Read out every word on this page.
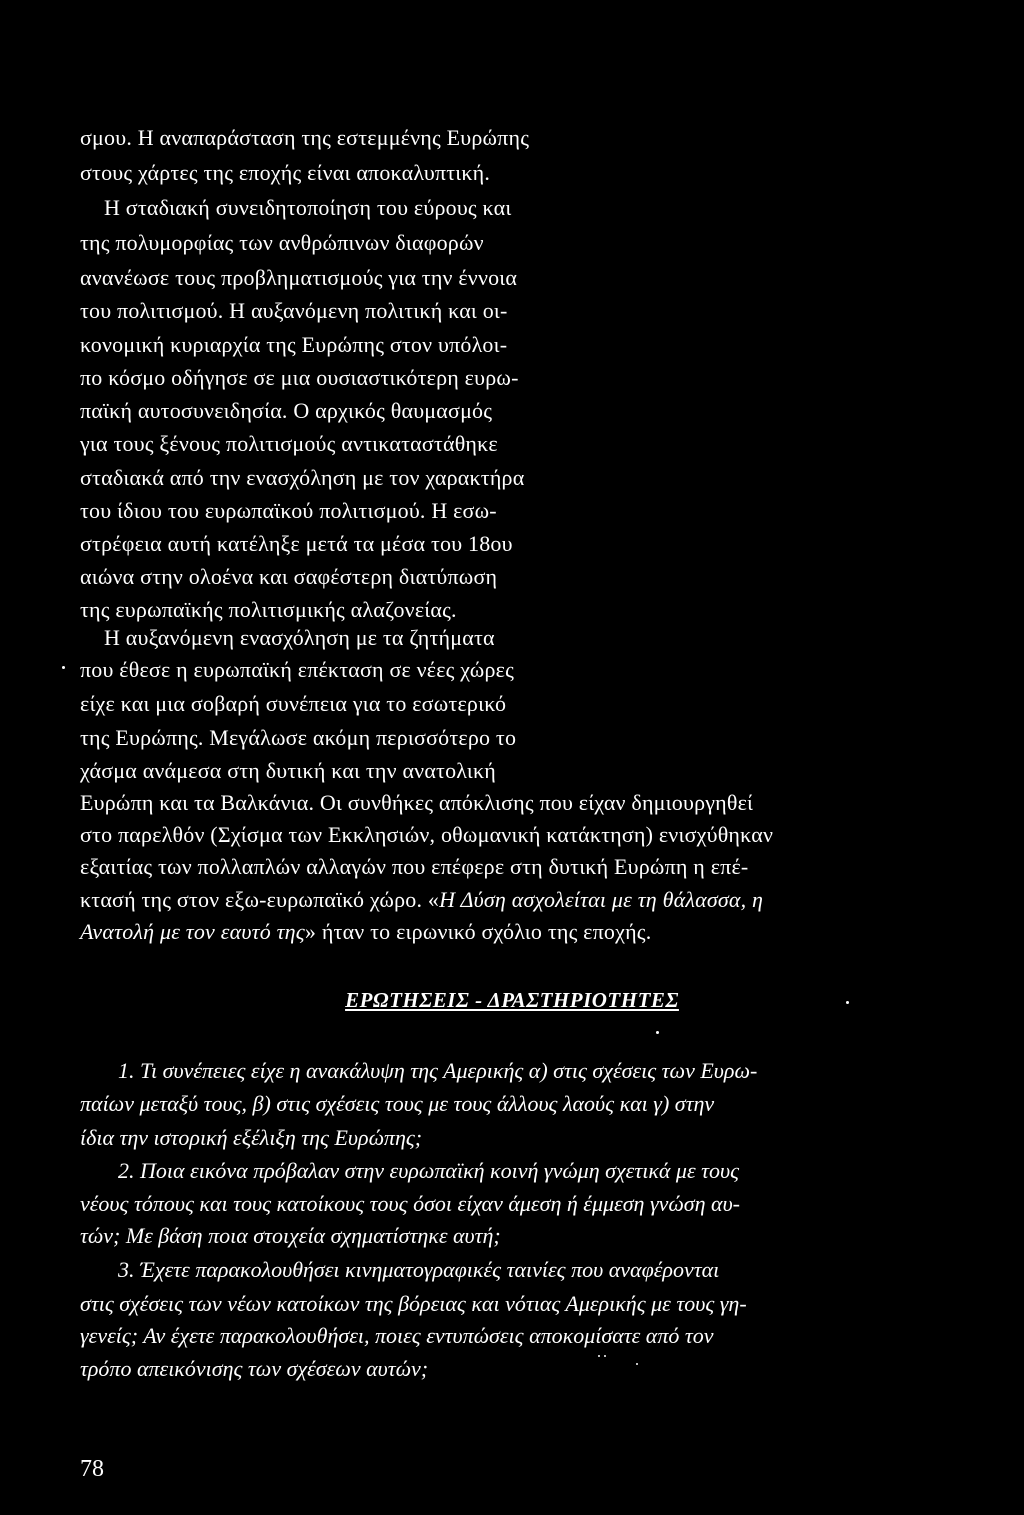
σμου. Η αναπαράσταση της εστεμμένης Ευρώπης
στους χάρτες της εποχής είναι αποκαλυπτική.
Η σταδιακή συνειδητοποίηση του εύρους και
της πολυμορφίας των ανθρώπινων διαφορών
ανανέωσε τους προβληματισμούς για την έννοια
του πολιτισμού. Η αυξανόμενη πολιτική και οι-
κονομική κυριαρχία της Ευρώπης στον υπόλοι-
πο κόσμο οδήγησε σε μια ουσιαστικότερη ευρω-
παϊκή αυτοσυνειδησία. Ο αρχικός θαυμασμός
για τους ξένους πολιτισμούς αντικαταστάθηκε
σταδιακά από την ενασχόληση με τον χαρακτήρα
του ίδιου του ευρωπαϊκού πολιτισμού. Η εσω-
στρέφεια αυτή κατέληξε μετά τα μέσα του 18ου
αιώνα στην ολοένα και σαφέστερη διατύπωση
της ευρωπαϊκής πολιτισμικής αλαζονείας.
Η αυξανόμενη ενασχόληση με τα ζητήματα
που έθεσε η ευρωπαϊκή επέκταση σε νέες χώρες
είχε και μια σοβαρή συνέπεια για το εσωτερικό
της Ευρώπης. Μεγάλωσε ακόμη περισσότερο το
χάσμα ανάμεσα στη δυτική και την ανατολική
Ευρώπη και τα Βαλκάνια. Οι συνθήκες απόκλισης που είχαν δημιουργηθεί
στο παρελθόν (Σχίσμα των Εκκλησιών, οθωμανική κατάκτηση) ενισχύθηκαν
εξαιτίας των πολλαπλών αλλαγών που επέφερε στη δυτική Ευρώπη η επέ-
κτασή της στον εξω-ευρωπαϊκό χώρο. «Η Δύση ασχολείται με τη θάλασσα, η
Ανατολή με τον εαυτό της» ήταν το ειρωνικό σχόλιο της εποχής.
ΕΡΩΤΗΣΕΙΣ - ΔΡΑΣΤΗΡΙΟΤΗΤΕΣ
1. Τι συνέπειες είχε η ανακάλυψη της Αμερικής α) στις σχέσεις των Ευρω-
παίων μεταξύ τους, β) στις σχέσεις τους με τους άλλους λαούς και γ) στην
ίδια την ιστορική εξέλιξη της Ευρώπης;
2. Ποια εικόνα πρόβαλαν στην ευρωπαϊκή κοινή γνώμη σχετικά με τους
νέους τόπους και τους κατοίκους τους όσοι είχαν άμεση ή έμμεση γνώση αυ-
τών; Με βάση ποια στοιχεία σχηματίστηκε αυτή;
3. Έχετε παρακολουθήσει κινηματογραφικές ταινίες που αναφέρονται
στις σχέσεις των νέων κατοίκων της βόρειας και νότιας Αμερικής με τους γη-
γενείς; Αν έχετε παρακολουθήσει, ποιες εντυπώσεις αποκομίσατε από τον
τρόπο απεικόνισης των σχέσεων αυτών;
78
